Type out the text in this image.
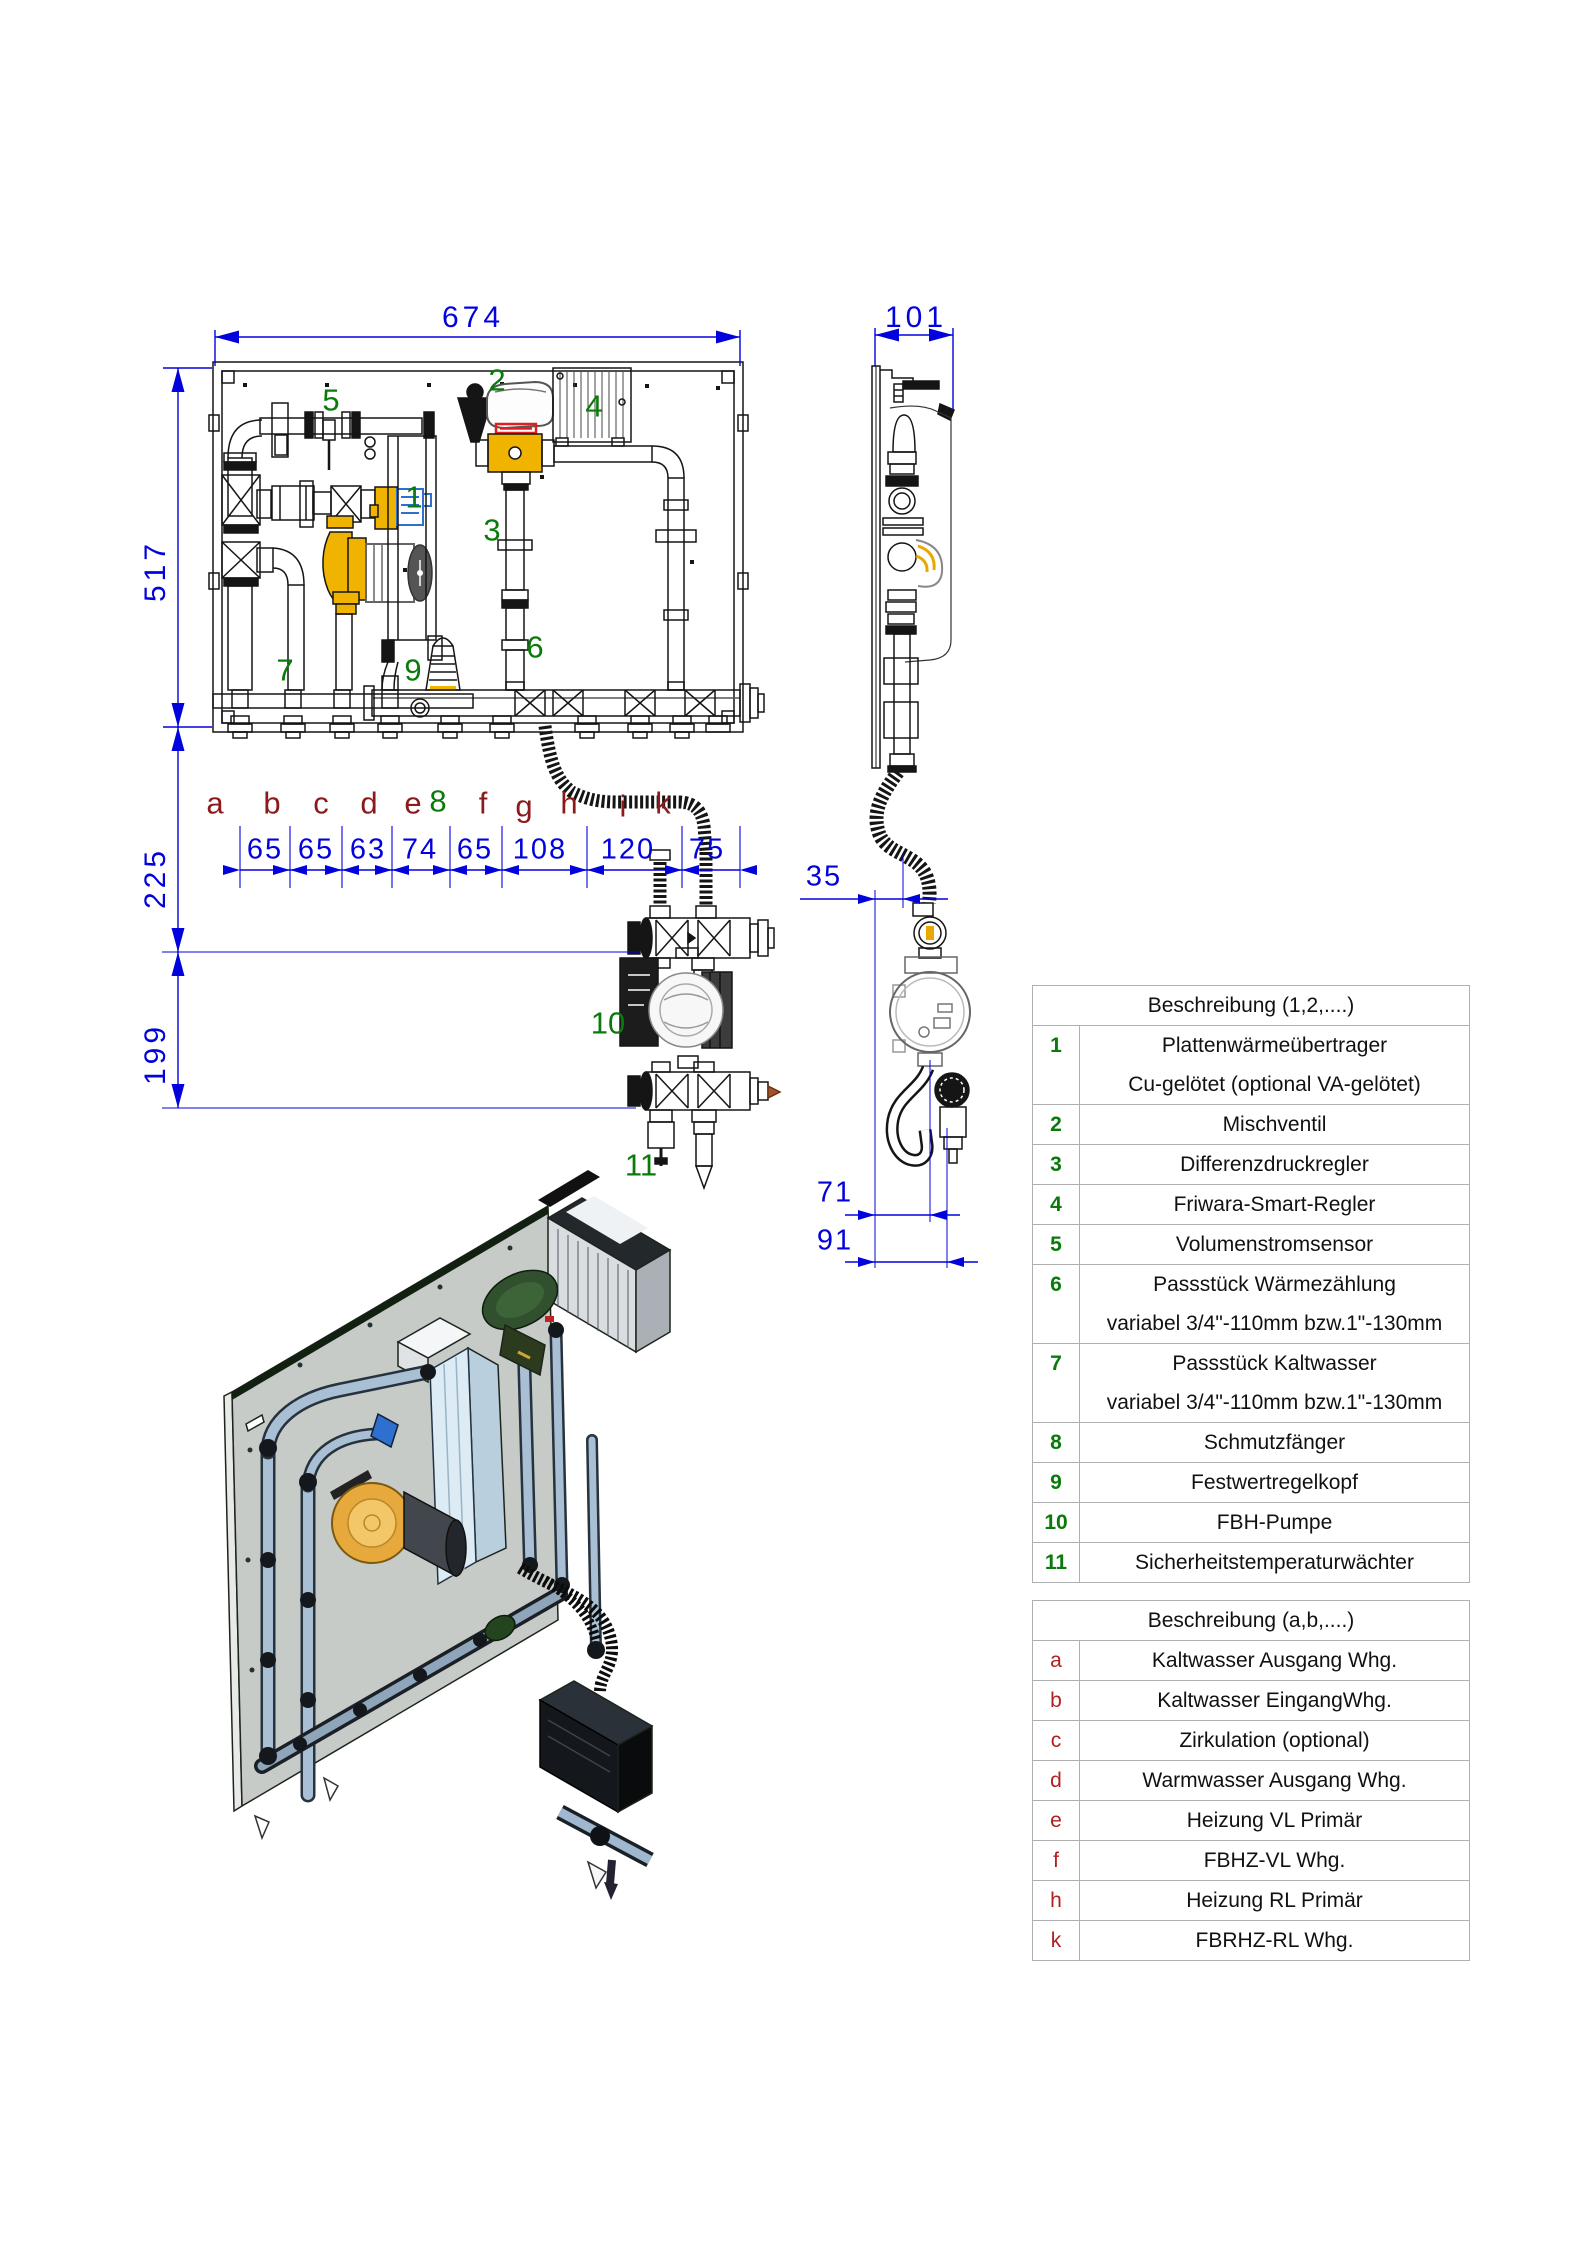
674
517
225
199
65 65 63 74 65 108 120 75
101
35
71
91
1
2
3
4
5
6
7
8
9
10
11
a b c d e f g h i k
Beschreibung (1,2,....)
1	Plattenwärmeübertrager
Cu-gelötet (optional VA-gelötet)
2	Mischventil
3	Differenzdruckregler
4	Friwara-Smart-Regler
5	Volumenstromsensor
6	Passstück Wärmezählung
variabel 3/4"-110mm bzw.1"-130mm
7	Passstück Kaltwasser
variabel 3/4"-110mm bzw.1"-130mm
8	Schmutzfänger
9	Festwertregelkopf
10	FBH-Pumpe
11	Sicherheitstemperaturwächter
Beschreibung (a,b,....)
a	Kaltwasser Ausgang Whg.
b	Kaltwasser EingangWhg.
c	Zirkulation (optional)
d	Warmwasser Ausgang Whg.
e	Heizung VL Primär
f	FBHZ-VL Whg.
h	Heizung RL Primär
k	FBRHZ-RL Whg.
